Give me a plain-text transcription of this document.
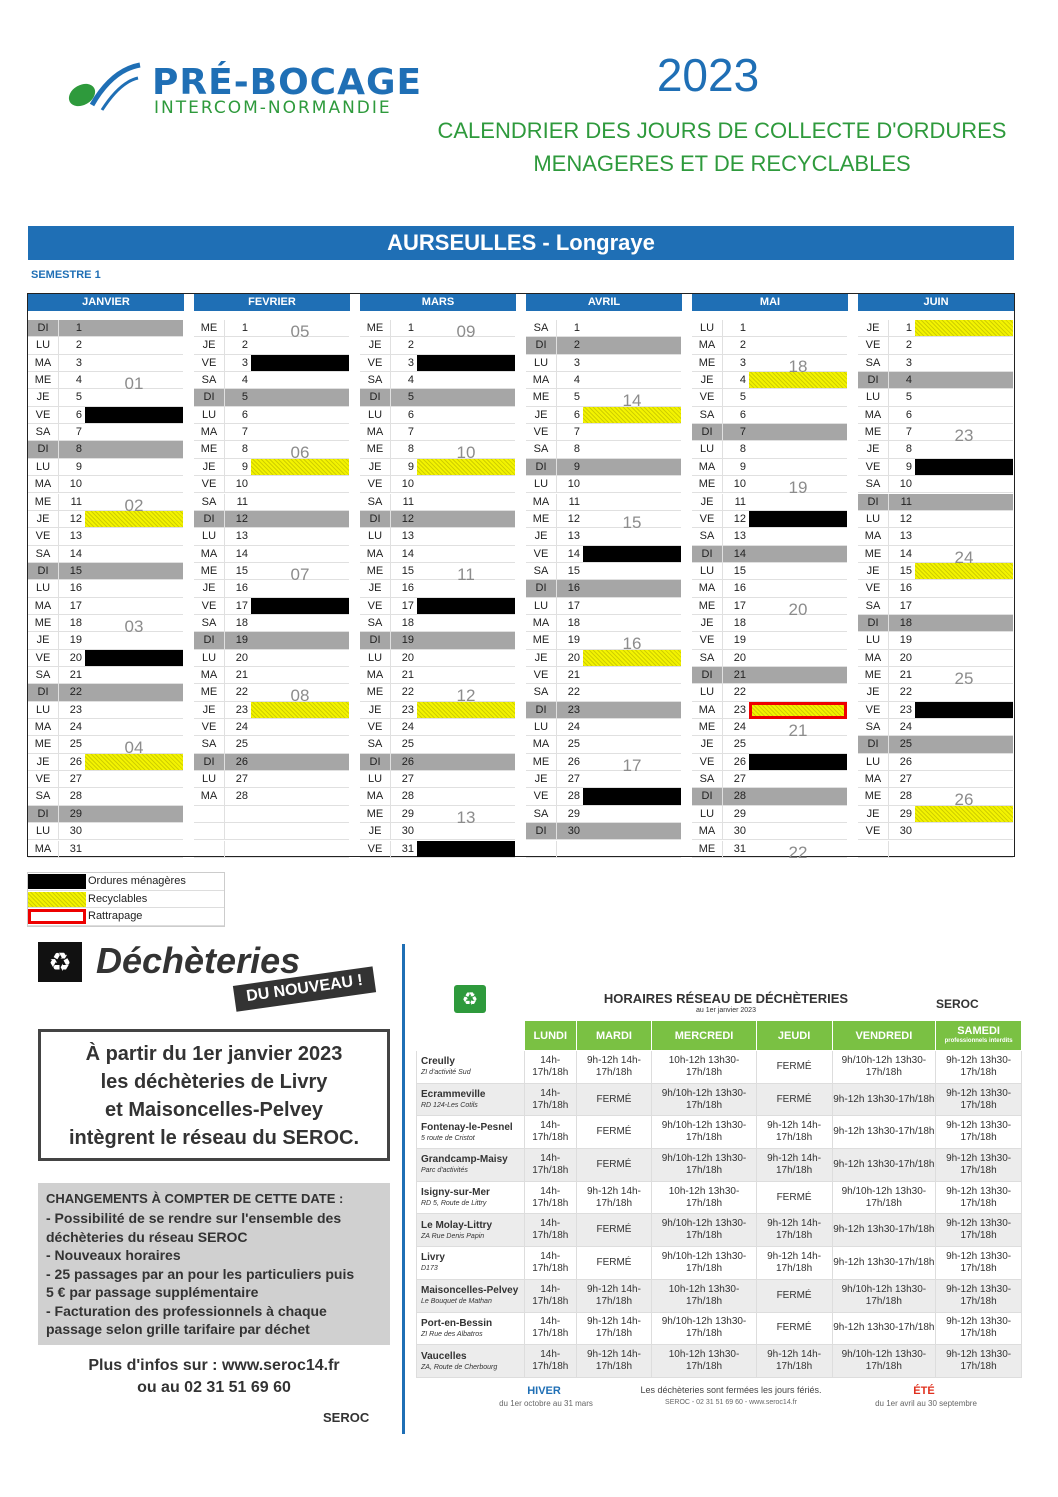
PRÉ-BOCAGE
INTERCOM-NORMANDIE
2023
CALENDRIER DES JOURS DE COLLECTE D'ORDURES
MENAGERES ET DE RECYCLABLES
AURSEULLES - Longraye
SEMESTRE 1
JANVIER
DI	1
LU	2
MA	3
ME	4
JE	5
VE	6
SA	7
DI	8
LU	9
MA	10
ME	11
JE	12
VE	13
SA	14
DI	15
LU	16
MA	17
ME	18
JE	19
VE	20
SA	21
DI	22
LU	23
MA	24
ME	25
JE	26
VE	27
SA	28
DI	29
LU	30
MA	31
01
02
03
04
FEVRIER
ME	1
JE	2
VE	3
SA	4
DI	5
LU	6
MA	7
ME	8
JE	9
VE	10
SA	11
DI	12
LU	13
MA	14
ME	15
JE	16
VE	17
SA	18
DI	19
LU	20
MA	21
ME	22
JE	23
VE	24
SA	25
DI	26
LU	27
MA	28
05
06
07
08
MARS
ME	1
JE	2
VE	3
SA	4
DI	5
LU	6
MA	7
ME	8
JE	9
VE	10
SA	11
DI	12
LU	13
MA	14
ME	15
JE	16
VE	17
SA	18
DI	19
LU	20
MA	21
ME	22
JE	23
VE	24
SA	25
DI	26
LU	27
MA	28
ME	29
JE	30
VE	31
09
10
11
12
13
AVRIL
SA	1
DI	2
LU	3
MA	4
ME	5
JE	6
VE	7
SA	8
DI	9
LU	10
MA	11
ME	12
JE	13
VE	14
SA	15
DI	16
LU	17
MA	18
ME	19
JE	20
VE	21
SA	22
DI	23
LU	24
MA	25
ME	26
JE	27
VE	28
SA	29
DI	30
14
15
16
17
MAI
LU	1
MA	2
ME	3
JE	4
VE	5
SA	6
DI	7
LU	8
MA	9
ME	10
JE	11
VE	12
SA	13
DI	14
LU	15
MA	16
ME	17
JE	18
VE	19
SA	20
DI	21
LU	22
MA	23
ME	24
JE	25
VE	26
SA	27
DI	28
LU	29
MA	30
ME	31
18
19
20
21
22
JUIN
JE	1
VE	2
SA	3
DI	4
LU	5
MA	6
ME	7
JE	8
VE	9
SA	10
DI	11
LU	12
MA	13
ME	14
JE	15
VE	16
SA	17
DI	18
LU	19
MA	20
ME	21
JE	22
VE	23
SA	24
DI	25
LU	26
MA	27
ME	28
JE	29
VE	30
23
24
25
26
Ordures ménagères
Recyclables
Rattrapage
♻ Déchèteries
DU NOUVEAU !
À partir du 1er janvier 2023
les déchèteries de Livry
et Maisoncelles-Pelvey
intègrent le réseau du SEROC.
CHANGEMENTS À COMPTER DE CETTE DATE :
- Possibilité de se rendre sur l'ensemble des
déchèteries du réseau SEROC
- Nouveaux horaires
- 25 passages par an pour les particuliers puis
5 € par passage supplémentaire
- Facturation des professionnels à chaque
passage selon grille tarifaire par déchet
Plus d'infos sur : www.seroc14.fr
ou au 02 31 51 69 60
SEROC
♻	HORAIRES RÉSEAU DE DÉCHÈTERIES
au 1er janvier 2023	SEROC
	LUNDI	MARDI	MERCREDI	JEUDI	VENDREDI	SAMEDI
professionnels interdits

Creully
ZI d'activité Sud	14h-17h/18h	9h-12h 14h-17h/18h	10h-12h 13h30-17h/18h	FERMÉ	9h/10h-12h 13h30-17h/18h	9h-12h 13h30-17h/18h
Ecrammeville
RD 124-Les Cotils	14h-17h/18h	FERMÉ	9h/10h-12h 13h30-17h/18h	FERMÉ	9h-12h 13h30-17h/18h	9h-12h 13h30-17h/18h
Fontenay-le-Pesnel
5 route de Cristot	14h-17h/18h	FERMÉ	9h/10h-12h 13h30-17h/18h	9h-12h 14h-17h/18h	9h-12h 13h30-17h/18h	9h-12h 13h30-17h/18h
Grandcamp-Maisy
Parc d'activités	14h-17h/18h	FERMÉ	9h/10h-12h 13h30-17h/18h	9h-12h 14h-17h/18h	9h-12h 13h30-17h/18h	9h-12h 13h30-17h/18h
Isigny-sur-Mer
RD 5, Route de Littry	14h-17h/18h	9h-12h 14h-17h/18h	10h-12h 13h30-17h/18h	FERMÉ	9h/10h-12h 13h30-17h/18h	9h-12h 13h30-17h/18h
Le Molay-Littry
ZA Rue Denis Papin	14h-17h/18h	FERMÉ	9h/10h-12h 13h30-17h/18h	9h-12h 14h-17h/18h	9h-12h 13h30-17h/18h	9h-12h 13h30-17h/18h
Livry
D173	14h-17h/18h	FERMÉ	9h/10h-12h 13h30-17h/18h	9h-12h 14h-17h/18h	9h-12h 13h30-17h/18h	9h-12h 13h30-17h/18h
Maisoncelles-Pelvey
Le Bouquet de Mathan	14h-17h/18h	9h-12h 14h-17h/18h	10h-12h 13h30-17h/18h	FERMÉ	9h/10h-12h 13h30-17h/18h	9h-12h 13h30-17h/18h
Port-en-Bessin
ZI Rue des Albatros	14h-17h/18h	9h-12h 14h-17h/18h	9h/10h-12h 13h30-17h/18h	FERMÉ	9h-12h 13h30-17h/18h	9h-12h 13h30-17h/18h
Vaucelles
ZA, Route de Cherbourg	14h-17h/18h	9h-12h 14h-17h/18h	10h-12h 13h30-17h/18h	9h-12h 14h-17h/18h	9h/10h-12h 13h30-17h/18h	9h-12h 13h30-17h/18h
HIVER
du 1er octobre au 31 mars
Les déchèteries sont fermées les jours fériés.
SEROC - 02 31 51 69 60 - www.seroc14.fr
ÉTÉ
du 1er avril au 30 septembre
